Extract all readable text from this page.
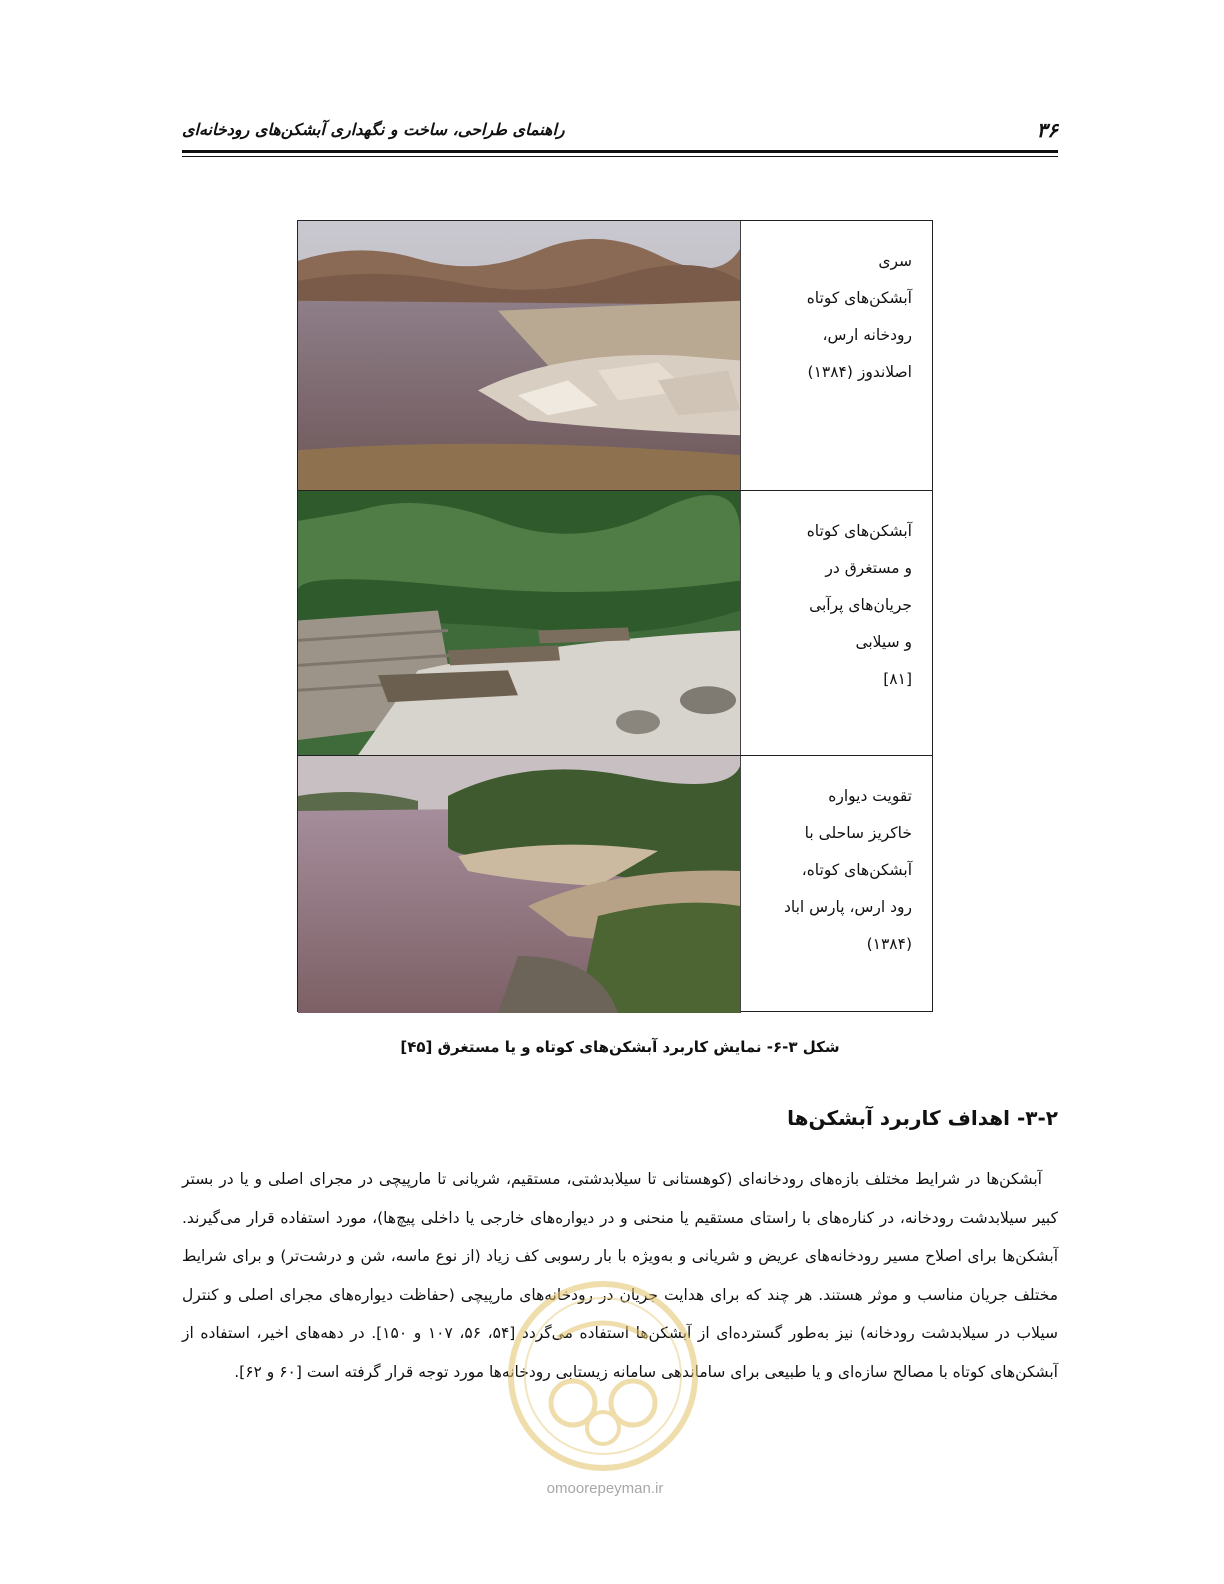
۳۶
راهنمای طراحی، ساخت و نگهداری آبشکن‌های رودخانه‌ای
سری
آبشکن‌های کوتاه
رودخانه ارس،
اصلاندوز (۱۳۸۴)
آبشکن‌های کوتاه
و مستغرق در
جریان‌های پرآبی
و سیلابی
[۸۱]
تقویت دیواره
خاکریز ساحلی با
آبشکن‌های کوتاه،
رود ارس، پارس اباد
(۱۳۸۴)
شکل ۳-۶- نمایش کاربرد آبشکن‌های کوتاه و یا مستغرق [۴۵]
۳-۲- اهداف کاربرد آبشکن‌ها

آبشکن‌ها در شرایط مختلف بازه‌های رودخانه‌ای (کوهستانی تا سیلابدشتی، مستقیم، شریانی تا مارپیچی در مجرای اصلی و یا در بستر کبیر سیلابدشت رودخانه، در کناره‌های با راستای مستقیم یا منحنی و در دیواره‌های خارجی یا داخلی پیچ‌ها)، مورد استفاده قرار می‌گیرند. آبشکن‌ها برای اصلاح مسیر رودخانه‌های عریض و شریانی و به‌ویژه با بار رسوبی کف زیاد (از نوع ماسه، شن و درشت‌تر) و برای شرایط مختلف جریان مناسب و موثر هستند. هر چند که برای هدایت جریان در رودخانه‌های مارپیچی (حفاظت دیواره‌های مجرای اصلی و کنترل سیلاب در سیلابدشت رودخانه) نیز به‌طور گسترده‌ای از آبشکن‌ها استفاده می‌گردد [۵۴، ۵۶، ۱۰۷ و ۱۵۰]. در دهه‌های اخیر، استفاده از آبشکن‌های کوتاه با مصالح سازه‌ای و یا طبیعی برای ساماندهی سامانه زیستابی رودخانه‌ها مورد توجه قرار گرفته است [۶۰ و ۶۲].

omoorepeyman.ir
